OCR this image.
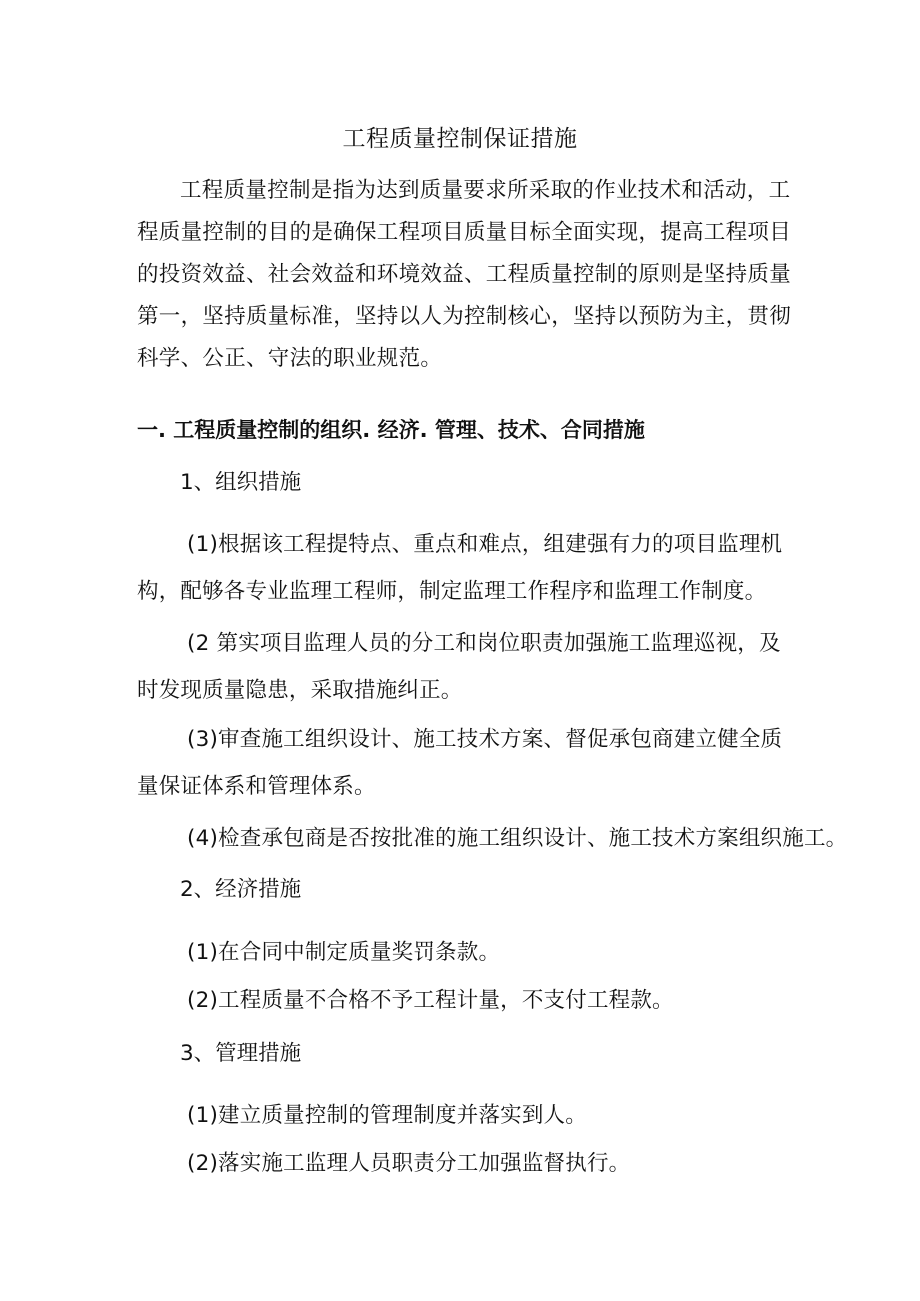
工程质量控制保证措施

工程质量控制是指为达到质量要求所采取的作业技术和活动，工程质量控制的目的是确保工程项目质量目标全面实现，提高工程项目的投资效益、社会效益和环境效益、工程质量控制的原则是坚持质量第一，坚持质量标准，坚持以人为控制核心，坚持以预防为主，贯彻科学、公正、守法的职业规范。

一. 工程质量控制的组织. 经济. 管理、技术、合同措施

1、组织措施

(1)根据该工程提特点、重点和难点，组建强有力的项目监理机构，配够各专业监理工程师，制定监理工作程序和监理工作制度。

(2 第实项目监理人员的分工和岗位职责加强施工监理巡视，及时发现质量隐患，采取措施纠正。

(3)审查施工组织设计、施工技术方案、督促承包商建立健全质量保证体系和管理体系。

(4)检查承包商是否按批准的施工组织设计、施工技术方案组织施工。

2、经济措施

(1)在合同中制定质量奖罚条款。

(2)工程质量不合格不予工程计量，不支付工程款。

3、管理措施

(1)建立质量控制的管理制度并落实到人。

(2)落实施工监理人员职责分工加强监督执行。
